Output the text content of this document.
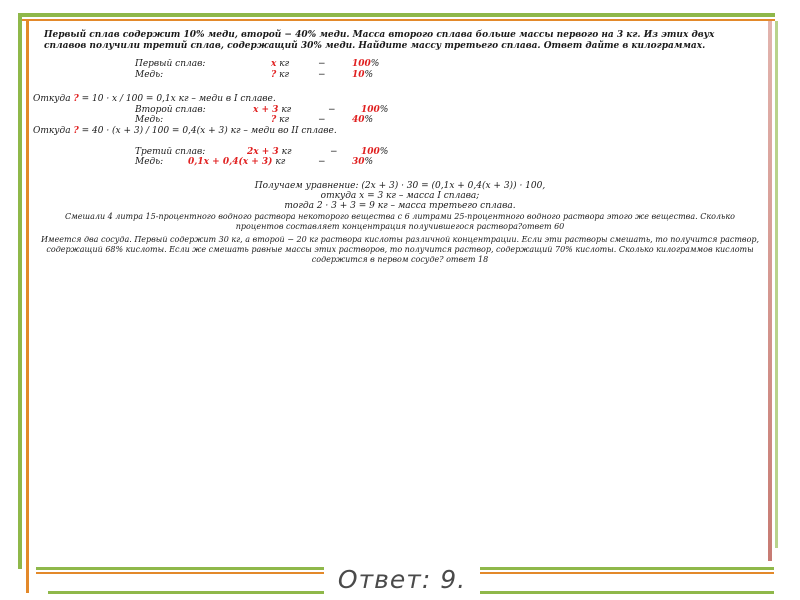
Первый сплав содержит 10% меди, второй − 40% меди. Масса второго сплава больше массы первого на 3 кг. Из этих двух сплавов получили третий сплав, содержащий 30% меди. Найдите массу третьего сплава. Ответ дайте в килограммах.
Первый сплав:	х кг	−	100%
Медь:	? кг	−	10%
Откуда ? = 10 · х / 100 = 0,1х кг – меди в I сплаве.
Второй сплав:	х + 3 кг	−	100%
Медь:	? кг	−	40%
Откуда ? = 40 · (х + 3) / 100 = 0,4(х + 3) кг – меди во II сплаве.
Третий сплав:	2х + 3 кг	−	100%
Медь:	0,1х + 0,4(х + 3) кг	−	30%
Получаем уравнение: (2х + 3) · 30 = (0,1х + 0,4(х + 3)) · 100,
откуда х = 3 кг – масса I сплава;
тогда 2 · 3 + 3 = 9 кг – масса третьего сплава.
Смешали 4 литра 15-процентного водного раствора некоторого вещества с 6 литрами 25-процентного водного раствора этого же вещества. Сколько процентов составляет концентрация получившегося раствора?ответ 60
Имеется два сосуда. Первый содержит 30 кг, а второй − 20 кг раствора кислоты различной концентрации. Если эти растворы смешать, то получится раствор, содержащий 68% кислоты. Если же смешать равные массы этих растворов, то получится раствор, содержащий 70% кислоты. Сколько килограммов кислоты содержится в первом сосуде? ответ 18
Ответ: 9.
